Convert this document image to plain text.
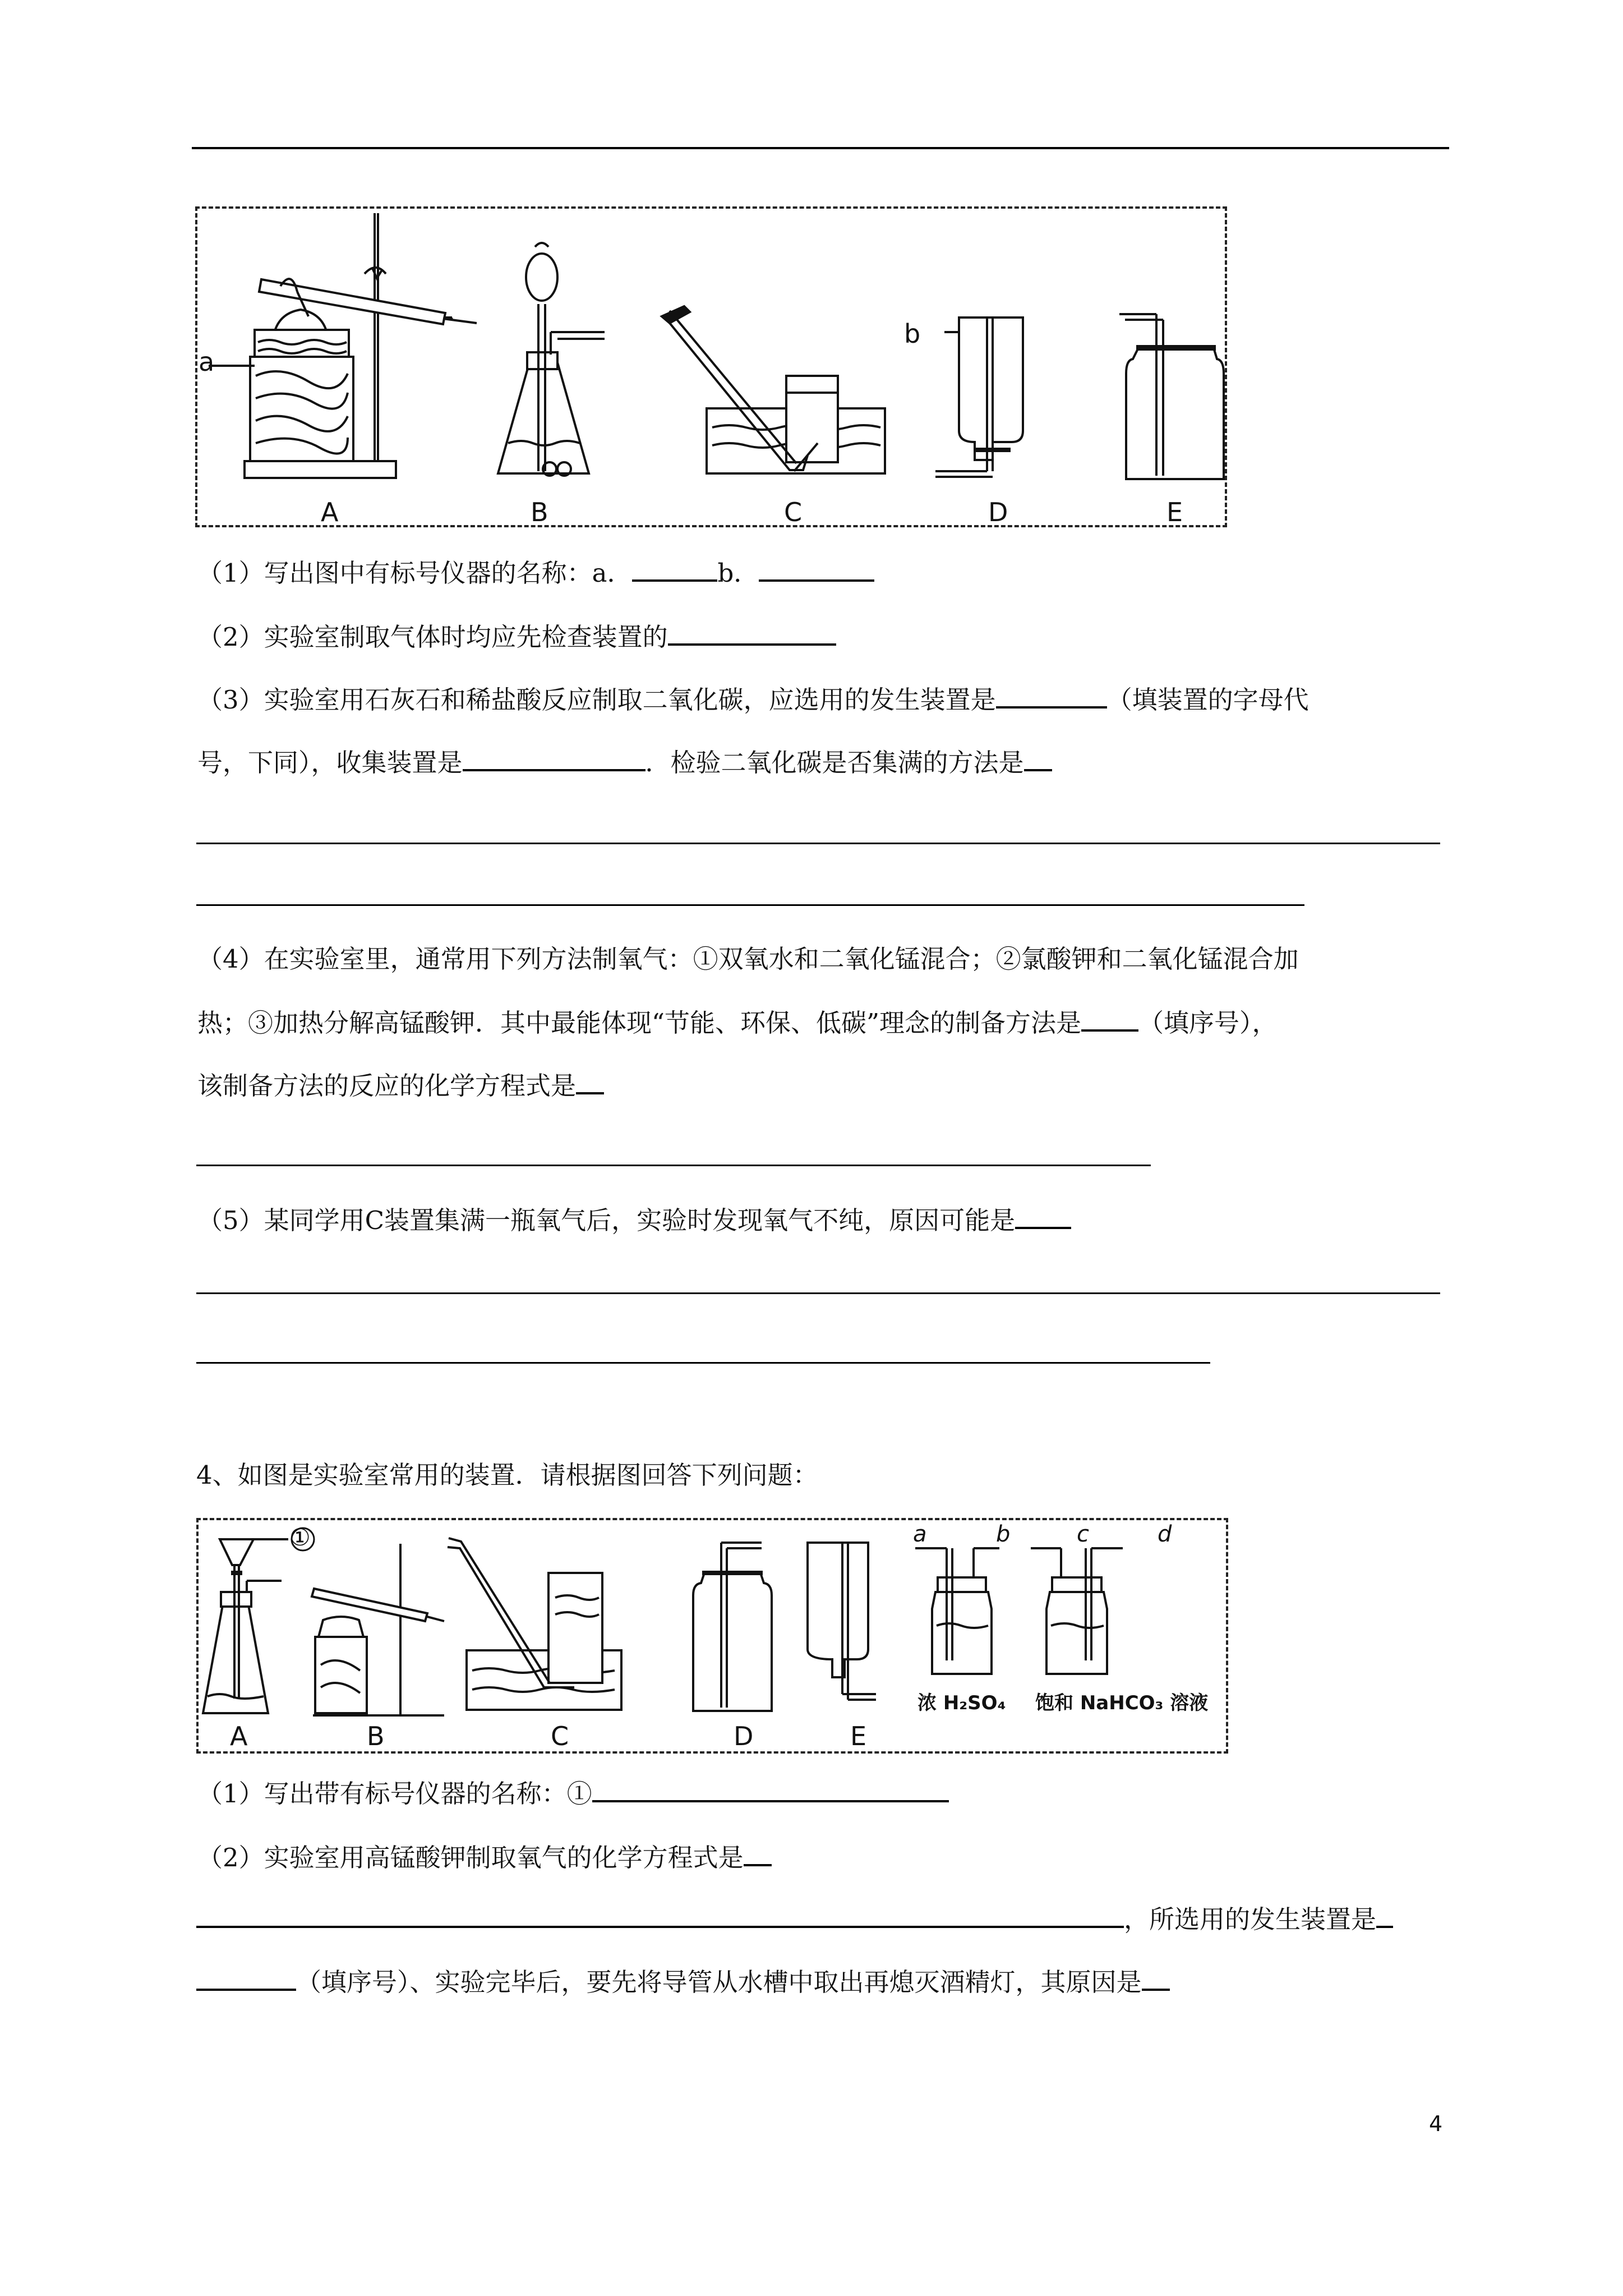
a
b
A	B	C	D	E
（1）写出图中有标号仪器的名称：a．	b．
（2）实验室制取气体时均应先检查装置的
（3）实验室用石灰石和稀盐酸反应制取二氧化碳，应选用的发生装置是	（填装置的字母代
号，下同），收集装置是	．检验二氧化碳是否集满的方法是
（4）在实验室里，通常用下列方法制氧气：①双氧水和二氧化锰混合；②氯酸钾和二氧化锰混合加
热；③加热分解高锰酸钾．其中最能体现“节能、环保、低碳”理念的制备方法是 （填序号），
该制备方法的反应的化学方程式是
（5）某同学用C装置集满一瓶氧气后，实验时发现氧气不纯，原因可能是
4、如图是实验室常用的装置．请根据图回答下列问题：
①	a	b	c	d
浓 H₂SO₄ 饱和 NaHCO₃ 溶液
A	B	C	D	E
（1）写出带有标号仪器的名称：①
（2）实验室用高锰酸钾制取氧气的化学方程式是
，所选用的发生装置是
（填序号）、实验完毕后，要先将导管从水槽中取出再熄灭酒精灯，其原因是
4
